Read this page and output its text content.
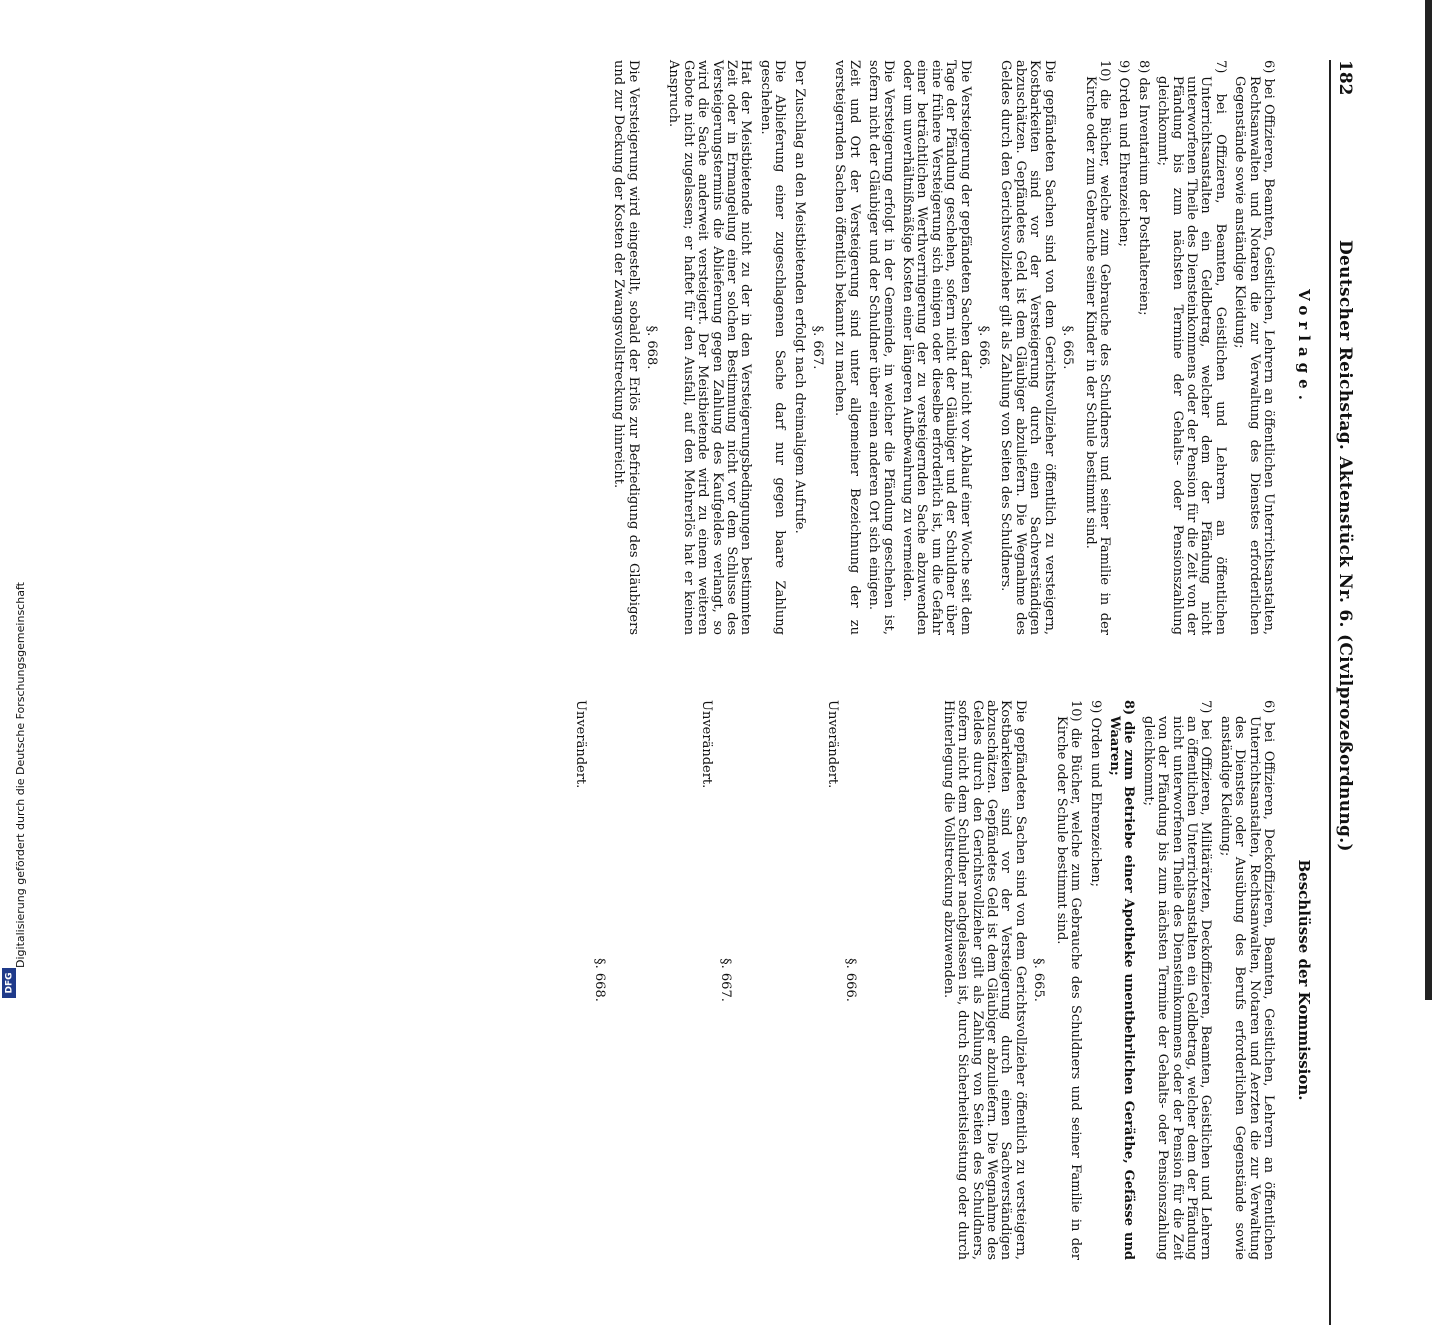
182
Deutscher Reichstag. Aktenstück Nr. 6. (Civilprozeßordnung.)
Vorlage.
Beschlüsse der Kommission.

6) bei Offizieren, Beamten, Geistlichen, Lehrern an öffentlichen Unterrichtsanstalten, Rechtsanwalten und Notaren die zur Verwaltung des Dienstes erforderlichen Gegenstände sowie anständige Kleidung;

7) bei Offizieren, Beamten, Geistlichen und Lehrern an öffentlichen Unterrichtsanstalten ein Geldbetrag, welcher dem der Pfändung nicht unterworfenen Theile des Diensteinkommens oder der Pension für die Zeit von der Pfändung bis zum nächsten Termine der Gehalts- oder Pensionszahlung gleichkommt;

8) das Inventarium der Posthaltereien;

9) Orden und Ehrenzeichen;

10) die Bücher, welche zum Gebrauche des Schuldners und seiner Familie in der Kirche oder zum Gebrauche seiner Kinder in der Schule bestimmt sind.

§. 665.

Die gepfändeten Sachen sind von dem Gerichtsvollzieher öffentlich zu versteigern, Kostbarkeiten sind vor der Versteigerung durch einen Sachverständigen abzuschätzen. Gepfändetes Geld ist dem Gläubiger abzuliefern. Die Wegnahme des Geldes durch den Gerichtsvollzieher gilt als Zahlung von Seiten des Schuldners.

§. 666.

Die Versteigerung der gepfändeten Sachen darf nicht vor Ablauf einer Woche seit dem Tage der Pfändung geschehen, sofern nicht der Gläubiger und der Schuldner über eine frühere Versteigerung sich einigen oder dieselbe erforderlich ist, um die Gefahr einer beträchtlichen Werthverringerung der zu versteigernden Sache abzuwenden oder um unverhältnißmäßige Kosten einer längeren Aufbewahrung zu vermeiden.

Die Versteigerung erfolgt in der Gemeinde, in welcher die Pfändung geschehen ist, sofern nicht der Gläubiger und der Schuldner über einen anderen Ort sich einigen.

Zeit und Ort der Versteigerung sind unter allgemeiner Bezeichnung der zu versteigernden Sachen öffentlich bekannt zu machen.

§. 667.

Der Zuschlag an den Meistbietenden erfolgt nach dreimaligem Aufrufe.

Die Ablieferung einer zugeschlagenen Sache darf nur gegen baare Zahlung geschehen.

Hat der Meistbietende nicht zu der in den Versteigerungsbedingungen bestimmten Zeit oder in Ermangelung einer solchen Bestimmung nicht vor dem Schlusse des Versteigerungstermins die Ablieferung gegen Zahlung des Kaufgeldes verlangt, so wird die Sache anderweit versteigert. Der Meistbietende wird zu einem weiteren Gebote nicht zugelassen; er haftet für den Ausfall, auf den Mehrerlös hat er keinen Anspruch.

§. 668.

Die Versteigerung wird eingestellt, sobald der Erlös zur Befriedigung des Gläubigers und zur Deckung der Kosten der Zwangsvollstreckung hinreicht.

6) bei Offizieren, Deckoffizieren, Beamten, Geistlichen, Lehrern an öffentlichen Unterrichtsanstalten, Rechtsanwalten, Notaren und Aerzten die zur Verwaltung des Dienstes oder Ausübung des Berufs erforderlichen Gegenstände sowie anständige Kleidung;

7) bei Offizieren, Militärärzten, Deckoffizieren, Beamten, Geistlichen und Lehrern an öffentlichen Unterrichtsanstalten ein Geldbetrag, welcher dem der Pfändung nicht unterworfenen Theile des Diensteinkommens oder der Pension für die Zeit von der Pfändung bis zum nächsten Termine der Gehalts- oder Pensionszahlung gleichkommt;

8) die zum Betriebe einer Apotheke unentbehrlichen Geräthe, Gefässe und Waaren;

9) Orden und Ehrenzeichen;

10) die Bücher, welche zum Gebrauche des Schuldners und seiner Familie in der Kirche oder Schule bestimmt sind.

§. 665.

Die gepfändeten Sachen sind von dem Gerichtsvollzieher öffentlich zu versteigern, Kostbarkeiten sind vor der Versteigerung durch einen Sachverständigen abzuschätzen. Gepfändetes Geld ist dem Gläubiger abzuliefern. Die Wegnahme des Geldes durch den Gerichtsvollzieher gilt als Zahlung von Seiten des Schuldners, sofern nicht dem Schuldner nachgelassen ist, durch Sicherheitsleistung oder durch Hinterlegung die Vollstreckung abzuwenden.

§. 666.

Unverändert.

§. 667.

Unverändert.

§. 668.

Unverändert.

DFG
Digitalisierung gefördert durch die Deutsche Forschungsgemeinschaft
